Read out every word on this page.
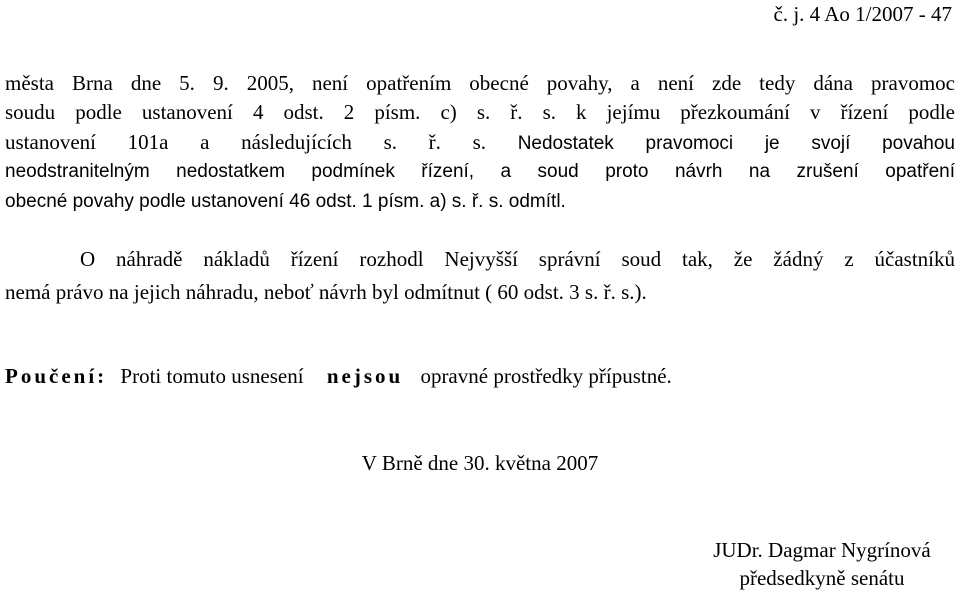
č. j. 4 Ao 1/2007 - 47

města Brna dne 5. 9. 2005, není opatřením obecné povahy, a není zde tedy dána pravomoc

soudu podle ustanovení 4 odst. 2 písm. c) s. ř. s. k jejímu přezkoumání v řízení podle

ustanovení 101a a následujících s. ř. s. Nedostatek pravomoci je svojí povahou

neodstranitelným nedostatkem podmínek řízení, a soud proto návrh na zrušení opatření

obecné povahy podle ustanovení 46 odst. 1 písm. a) s. ř. s. odmítl.

O náhradě nákladů řízení rozhodl Nejvyšší správní soud tak, že žádný z účastníků

nemá právo na jejich náhradu, neboť návrh byl odmítnut ( 60 odst. 3 s. ř. s.).

Poučení: Proti tomuto usnesení nejsou opravné prostředky přípustné.

V Brně dne 30. května 2007
JUDr. Dagmar Nygrínová
předsedkyně senátu
